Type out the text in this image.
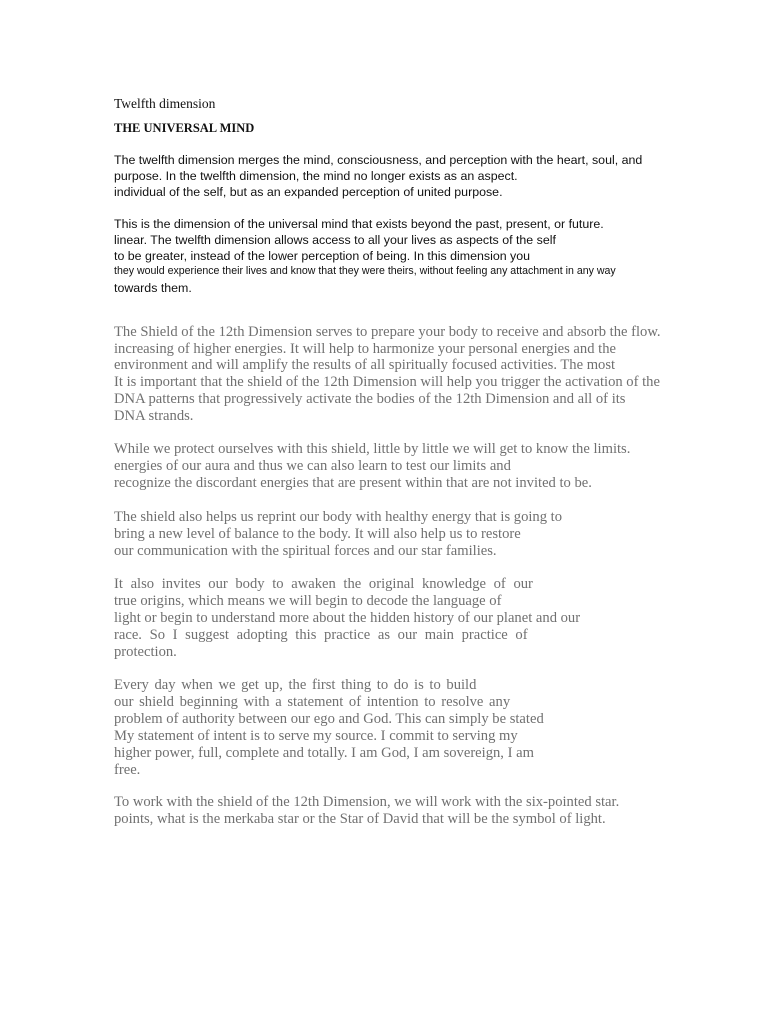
Twelfth dimension
THE UNIVERSAL MIND
The twelfth dimension merges the mind, consciousness, and perception with the heart, soul, and
purpose. In the twelfth dimension, the mind no longer exists as an aspect.
individual of the self, but as an expanded perception of united purpose.
This is the dimension of the universal mind that exists beyond the past, present, or future.
linear. The twelfth dimension allows access to all your lives as aspects of the self
to be greater, instead of the lower perception of being. In this dimension you
they would experience their lives and know that they were theirs, without feeling any attachment in any way
towards them.
The Shield of the 12th Dimension serves to prepare your body to receive and absorb the flow.
increasing of higher energies. It will help to harmonize your personal energies and the
environment and will amplify the results of all spiritually focused activities. The most
It is important that the shield of the 12th Dimension will help you trigger the activation of the
DNA patterns that progressively activate the bodies of the 12th Dimension and all of its
DNA strands.
While we protect ourselves with this shield, little by little we will get to know the limits.
energies of our aura and thus we can also learn to test our limits and
recognize the discordant energies that are present within that are not invited to be.
The shield also helps us reprint our body with healthy energy that is going to
bring a new level of balance to the body. It will also help us to restore
our communication with the spiritual forces and our star families.
It also invites our body to awaken the original knowledge of our
true origins, which means we will begin to decode the language of
light or begin to understand more about the hidden history of our planet and our
race. So I suggest adopting this practice as our main practice of
protection.
Every day when we get up, the first thing to do is to build
our shield beginning with a statement of intention to resolve any
problem of authority between our ego and God. This can simply be stated
My statement of intent is to serve my source. I commit to serving my
higher power, full, complete and totally. I am God, I am sovereign, I am
free.
To work with the shield of the 12th Dimension, we will work with the six-pointed star.
points, what is the merkaba star or the Star of David that will be the symbol of light.
